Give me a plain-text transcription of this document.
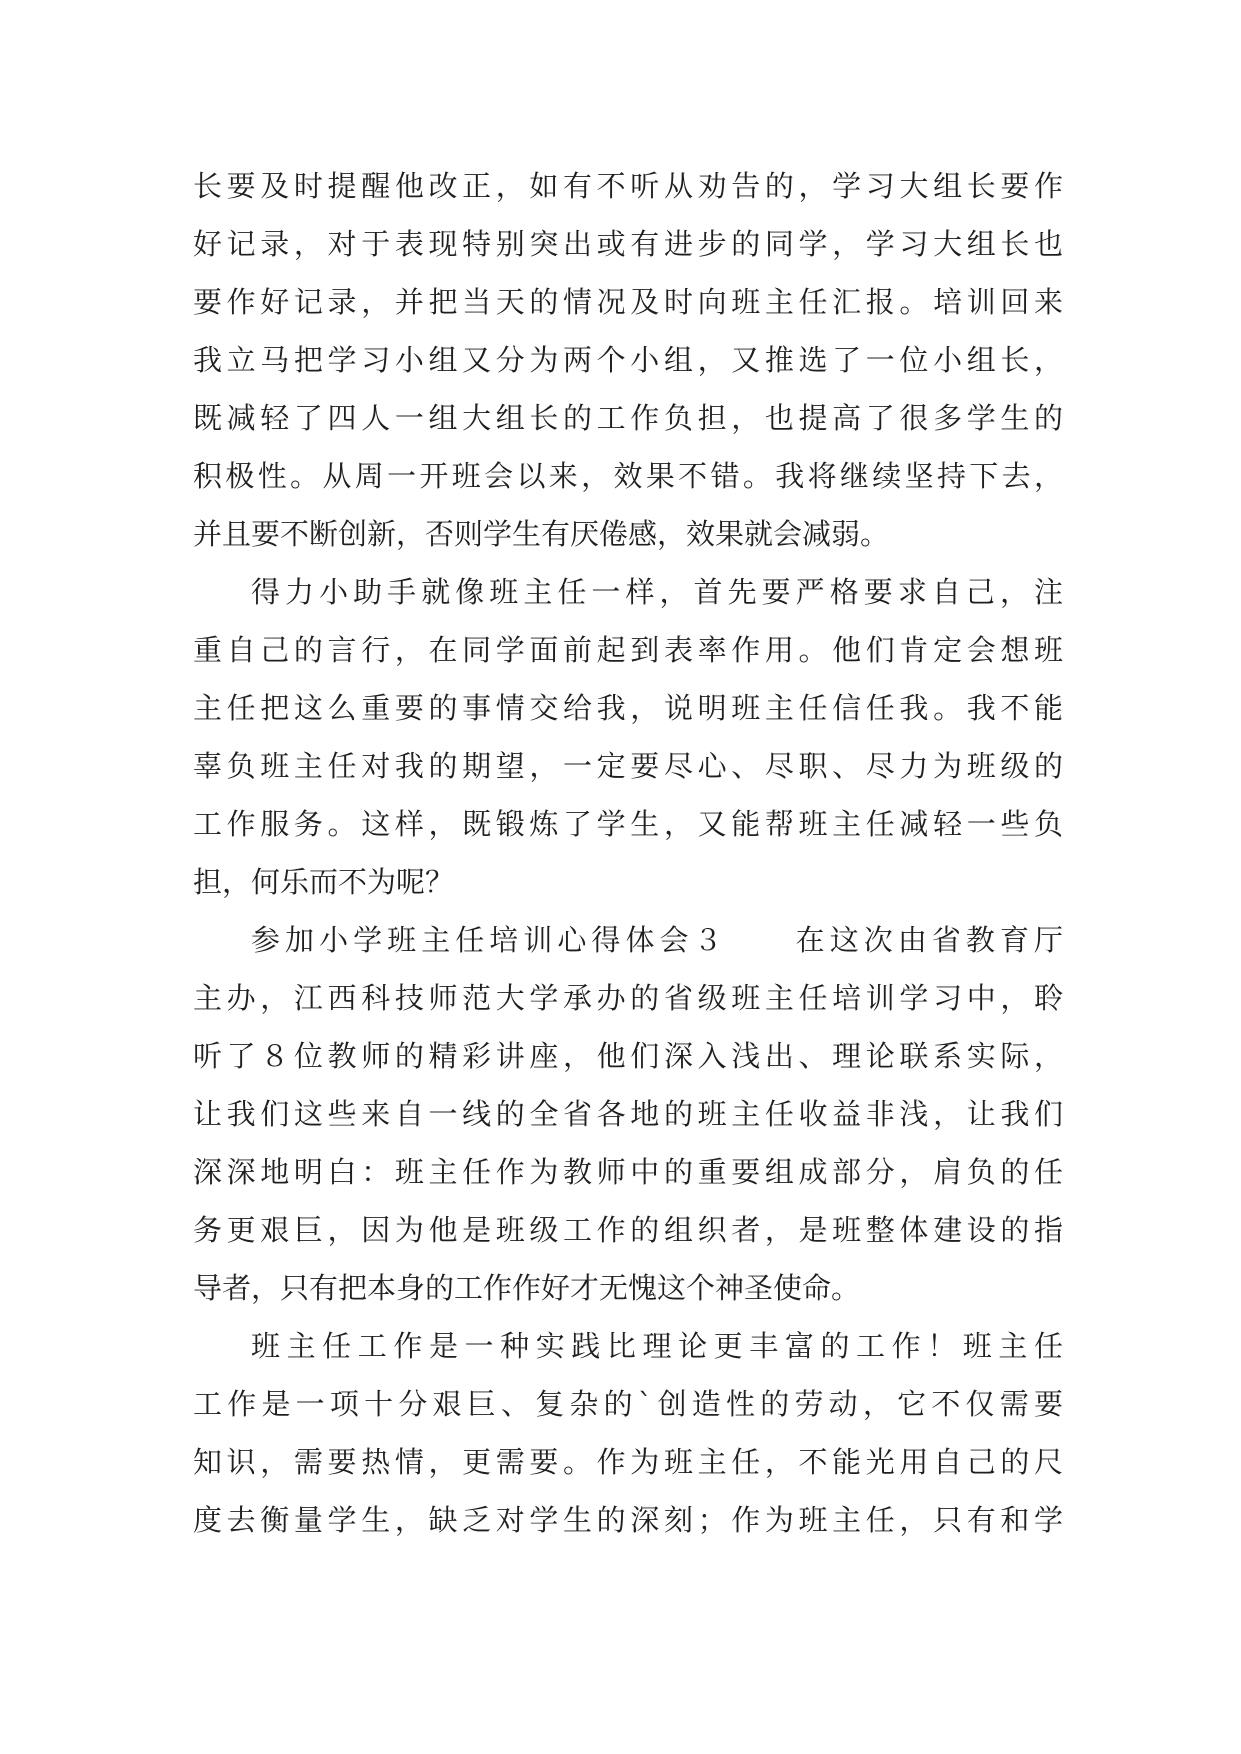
长要及时提醒他改正，如有不听从劝告的，学习大组长要作
好记录，对于表现特别突出或有进步的同学，学习大组长也
要作好记录，并把当天的情况及时向班主任汇报。培训回来
我立马把学习小组又分为两个小组，又推选了一位小组长，
既减轻了四人一组大组长的工作负担，也提高了很多学生的
积极性。从周一开班会以来，效果不错。我将继续坚持下去，
并且要不断创新，否则学生有厌倦感，效果就会减弱。
得力小助手就像班主任一样，首先要严格要求自己，注
重自己的言行，在同学面前起到表率作用。他们肯定会想班
主任把这么重要的事情交给我，说明班主任信任我。我不能
辜负班主任对我的期望，一定要尽心、尽职、尽力为班级的
工作服务。这样，既锻炼了学生，又能帮班主任减轻一些负
担，何乐而不为呢？
参加小学班主任培训心得体会３　　在这次由省教育厅
主办，江西科技师范大学承办的省级班主任培训学习中，聆
听了８位教师的精彩讲座，他们深入浅出、理论联系实际，
让我们这些来自一线的全省各地的班主任收益非浅，让我们
深深地明白：班主任作为教师中的重要组成部分，肩负的任
务更艰巨，因为他是班级工作的组织者，是班整体建设的指
导者，只有把本身的工作作好才无愧这个神圣使命。
班主任工作是一种实践比理论更丰富的工作！班主任
工作是一项十分艰巨、复杂的`创造性的劳动，它不仅需要
知识，需要热情，更需要。作为班主任，不能光用自己的尺
度去衡量学生，缺乏对学生的深刻；作为班主任，只有和学
